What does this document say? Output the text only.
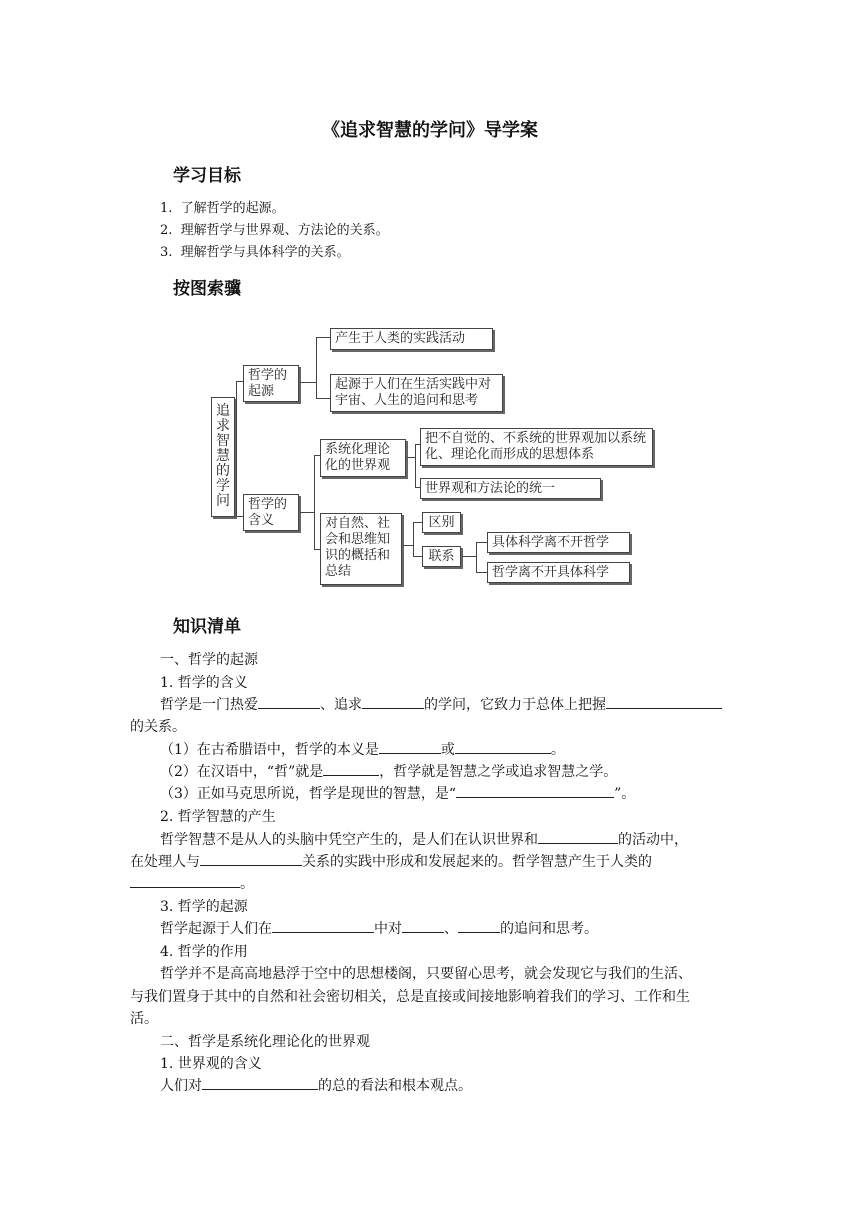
《追求智慧的学问》导学案
学习目标
1. 了解哲学的起源。
2. 理解哲学与世界观、方法论的关系。
3. 理解哲学与具体科学的关系。
按图索骥
追求智慧的学问
哲学的起源
哲学的含义
产生于人类的实践活动
起源于人们在生活实践中对宇宙、人生的追问和思考
系统化理论化的世界观
把不自觉的、不系统的世界观加以系统化、理论化而形成的思想体系
世界观和方法论的统一
对自然、社会和思维知识的概括和总结
区别
联系
具体科学离不开哲学
哲学离不开具体科学
知识清单
一、哲学的起源
1. 哲学的含义
哲学是一门热爱	、追求	的学问，它致力于总体上把握
的关系。
（1）在古希腊语中，哲学的本义是	或	。
（2）在汉语中，“哲”就是	，哲学就是智慧之学或追求智慧之学。
（3）正如马克思所说，哲学是现世的智慧，是“	”。
2. 哲学智慧的产生
哲学智慧不是从人的头脑中凭空产生的，是人们在认识世界和	的活动中，
在处理人与	关系的实践中形成和发展起来的。哲学智慧产生于人类的
。
3. 哲学的起源
哲学起源于人们在	中对	、	的追问和思考。
4. 哲学的作用
哲学并不是高高地悬浮于空中的思想楼阁，只要留心思考，就会发现它与我们的生活、
与我们置身于其中的自然和社会密切相关，总是直接或间接地影响着我们的学习、工作和生
活。
二、哲学是系统化理论化的世界观
1. 世界观的含义
人们对	的总的看法和根本观点。
